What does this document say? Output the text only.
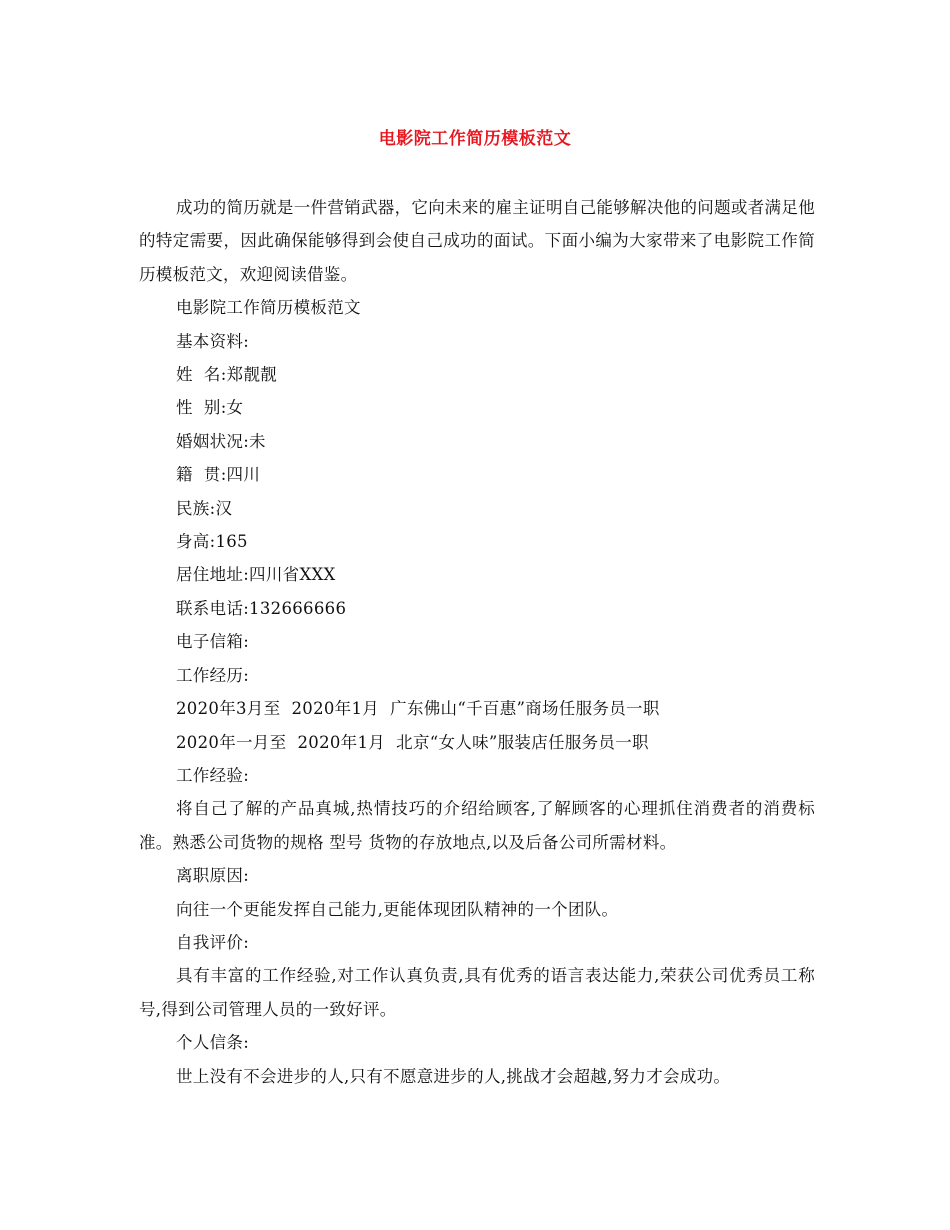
电影院工作简历模板范文

成功的简历就是一件营销武器，它向未来的雇主证明自己能够解决他的问题或者满足他的特定需要，因此确保能够得到会使自己成功的面试。下面小编为大家带来了电影院工作简历模板范文，欢迎阅读借鉴。

电影院工作简历模板范文

基本资料:

姓  名:郑靓靓

性  别:女

婚姻状况:未

籍  贯:四川

民族:汉

身高:165

居住地址:四川省XXX

联系电话:132666666

电子信箱:

工作经历:

2020年3月至  2020年1月  广东佛山“千百惠”商场任服务员一职

2020年一月至  2020年1月  北京“女人味”服装店任服务员一职

工作经验:

将自己了解的产品真城,热情技巧的介绍给顾客,了解顾客的心理抓住消费者的消费标准。熟悉公司货物的规格 型号 货物的存放地点,以及后备公司所需材料。

离职原因:

向往一个更能发挥自己能力,更能体现团队精神的一个团队。

自我评价:

具有丰富的工作经验,对工作认真负责,具有优秀的语言表达能力,荣获公司优秀员工称 号,得到公司管理人员的一致好评。

个人信条:

世上没有不会进步的人,只有不愿意进步的人,挑战才会超越,努力才会成功。
